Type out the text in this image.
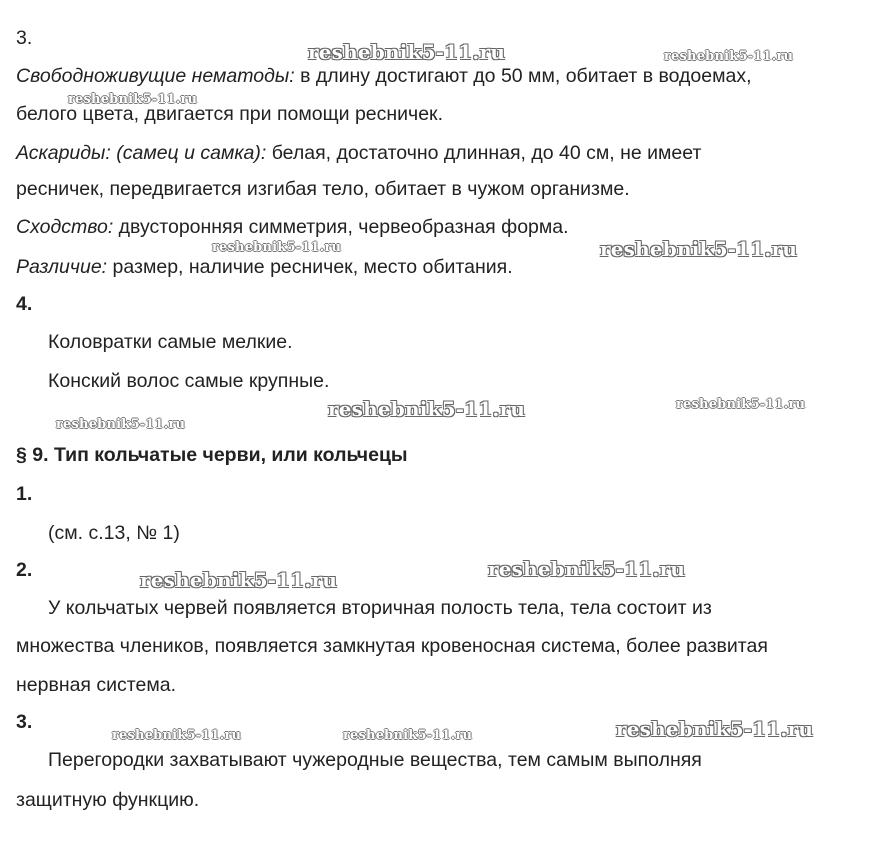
3.
Свободноживущие нематоды: в длину достигают до 50 мм, обитает в водоемах,
белого цвета, двигается при помощи ресничек.
Аскариды: (самец и самка): белая, достаточно длинная, до 40 см, не имеет
ресничек, передвигается изгибая тело, обитает в чужом организме.
Сходство: двусторонняя симметрия, червеобразная форма.
Различие: размер, наличие ресничек, место обитания.
4.
Коловратки самые мелкие.
Конский волос самые крупные.
§ 9. Тип кольчатые черви, или кольчецы
1.
(см. с.13, № 1)
2.
У кольчатых червей появляется вторичная полость тела, тела состоит из
множества члеников, появляется замкнутая кровеносная система, более развитая
нервная система.
3.
Перегородки захватывают чужеродные вещества, тем самым выполняя
защитную функцию.
reshebnik5-11.ru	reshebnik5-11.ru
reshebnik5-11.ru
reshebnik5-11.ru	reshebnik5-11.ru
reshebnik5-11.ru	reshebnik5-11.ru
reshebnik5-11.ru
reshebnik5-11.ru	reshebnik5-11.ru
reshebnik5-11.ru	reshebnik5-11.ru	reshebnik5-11.ru
